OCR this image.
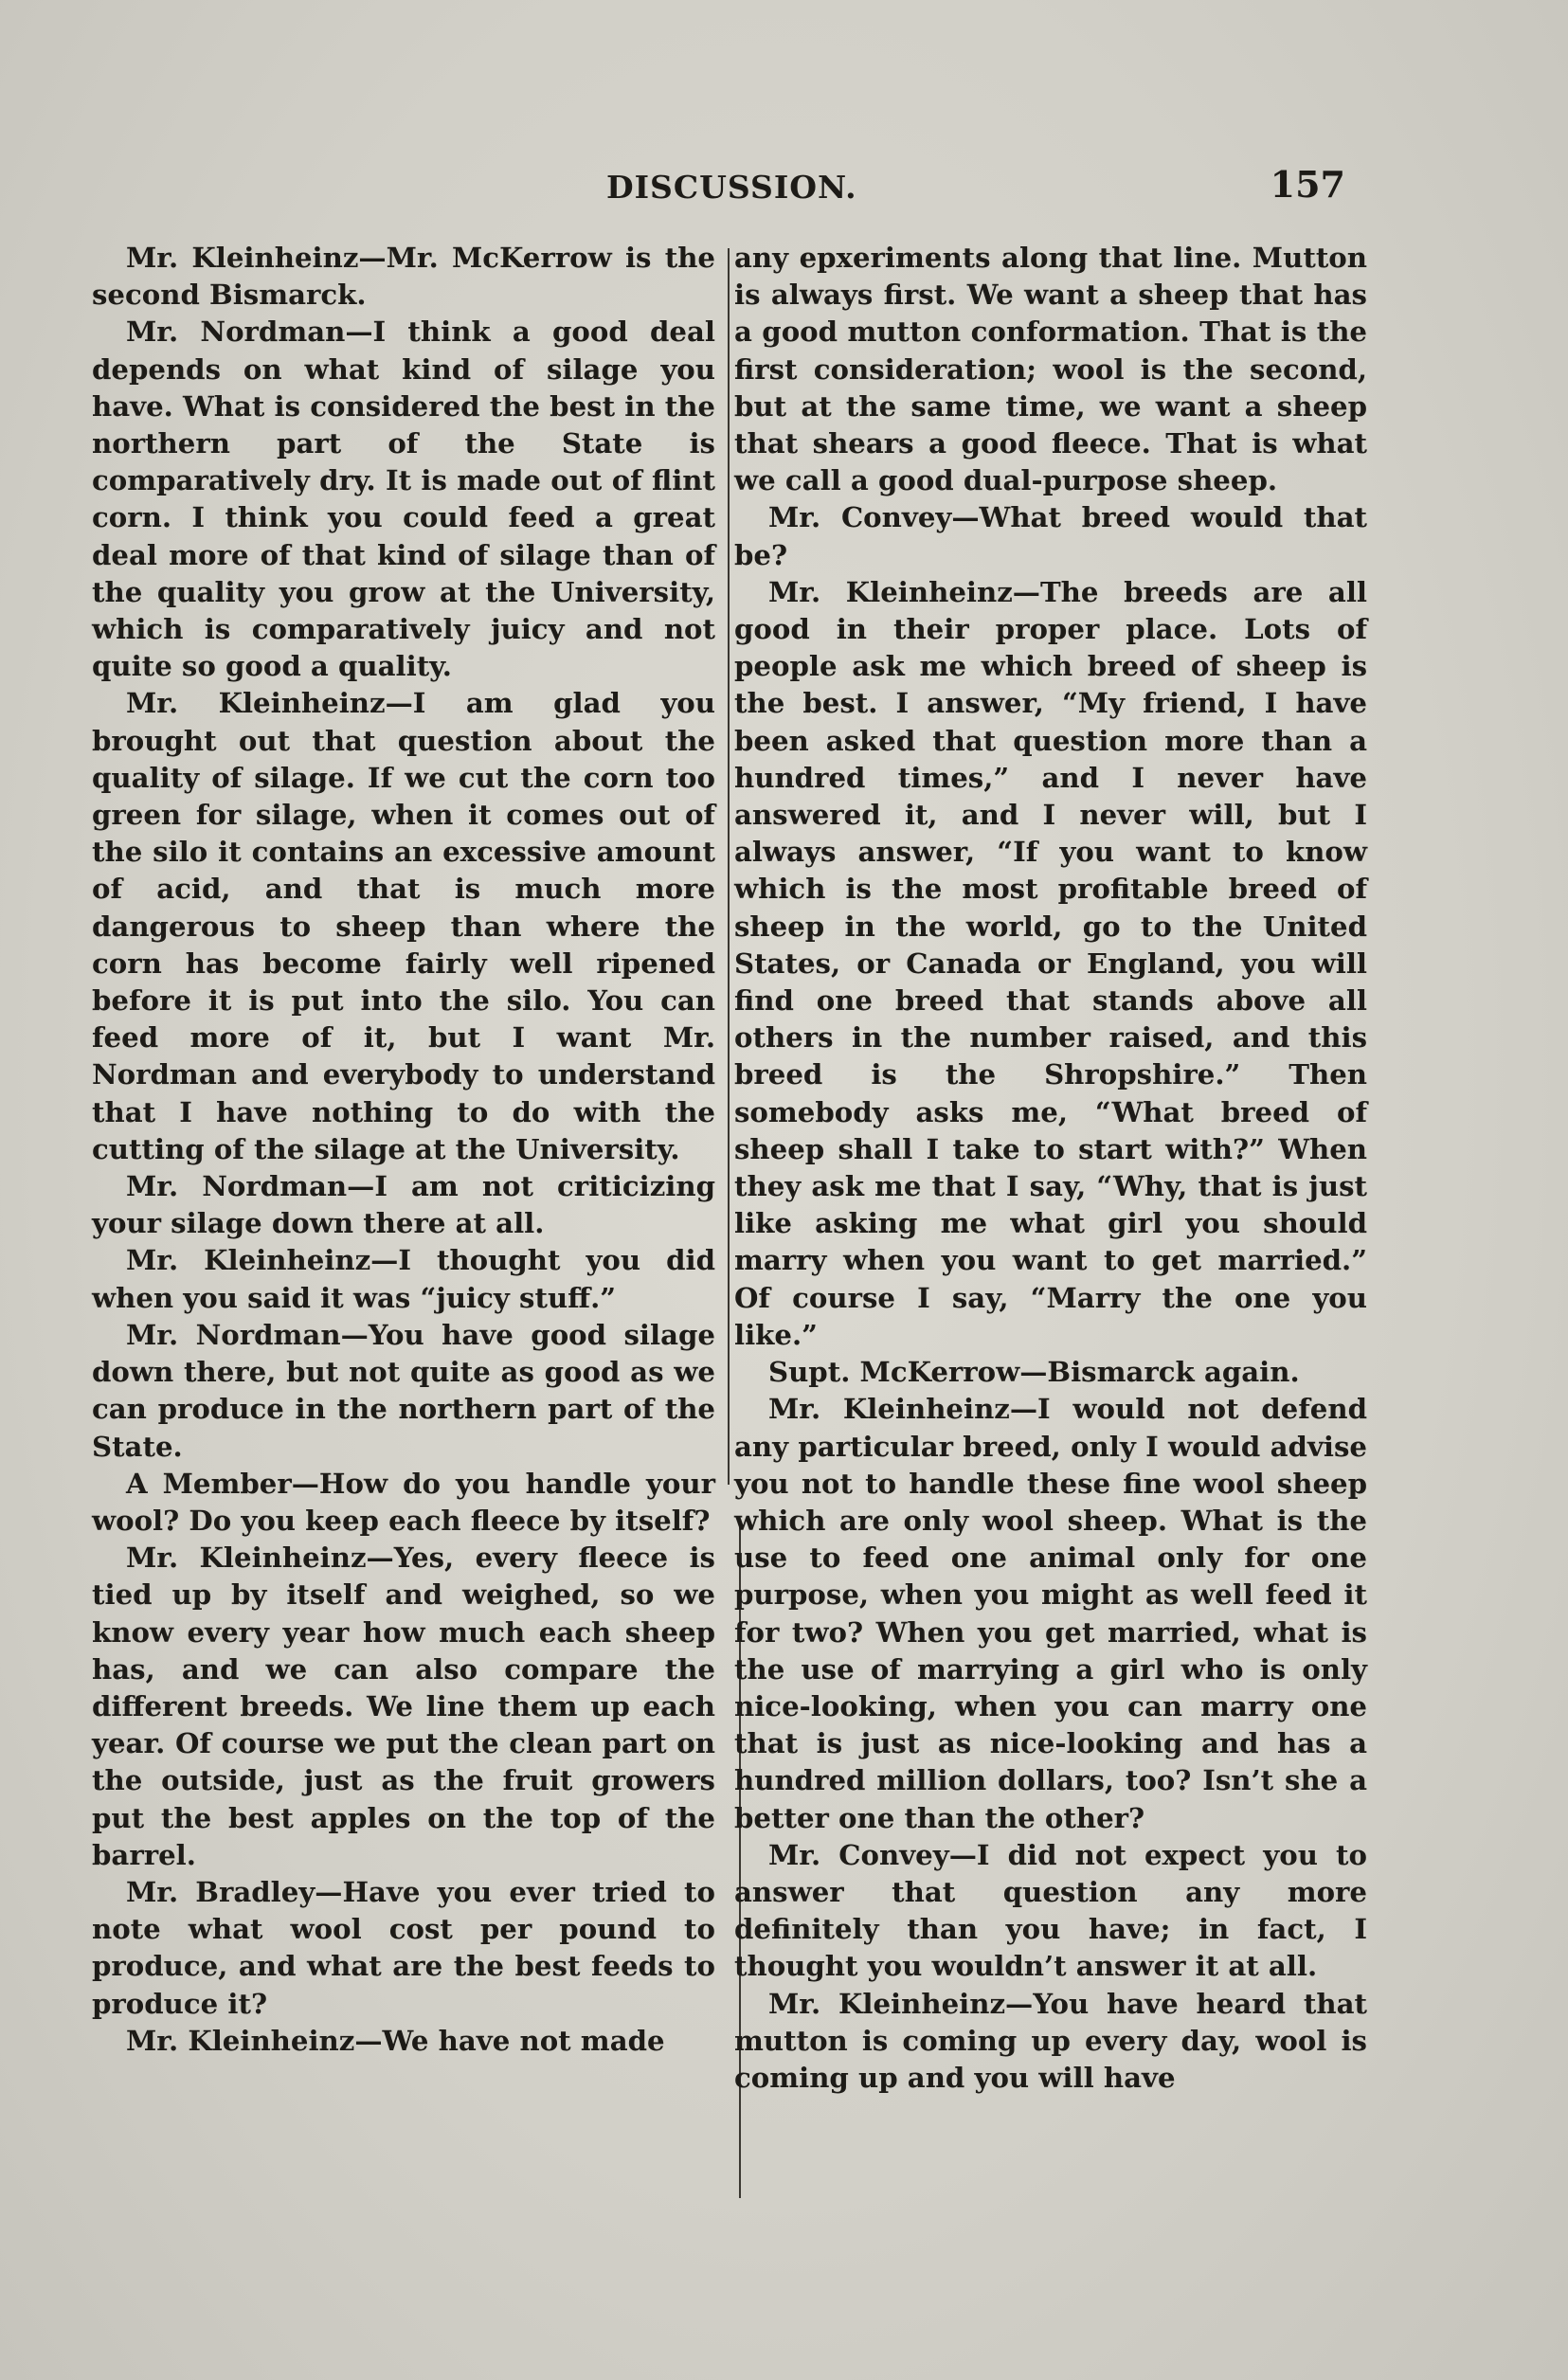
DISCUSSION.	157

Mr. Kleinheinz—Mr. McKerrow is the second Bismarck.

Mr. Nordman—I think a good deal depends on what kind of silage you have. What is considered the best in the northern part of the State is comparatively dry. It is made out of flint corn. I think you could feed a great deal more of that kind of silage than of the quality you grow at the University, which is comparatively juicy and not quite so good a quality.

Mr. Kleinheinz—I am glad you brought out that question about the quality of silage. If we cut the corn too green for silage, when it comes out of the silo it contains an excessive amount of acid, and that is much more dangerous to sheep than where the corn has become fairly well ripened before it is put into the silo. You can feed more of it, but I want Mr. Nordman and everybody to understand that I have nothing to do with the cutting of the silage at the University.

Mr. Nordman—I am not criticizing your silage down there at all.

Mr. Kleinheinz—I thought you did when you said it was “juicy stuff.”

Mr. Nordman—You have good silage down there, but not quite as good as we can produce in the northern part of the State.

A Member—How do you handle your wool? Do you keep each fleece by itself?

Mr. Kleinheinz—Yes, every fleece is tied up by itself and weighed, so we know every year how much each sheep has, and we can also compare the different breeds. We line them up each year. Of course we put the clean part on the outside, just as the fruit growers put the best apples on the top of the barrel.

Mr. Bradley—Have you ever tried to note what wool cost per pound to produce, and what are the best feeds to produce it?

Mr. Kleinheinz—We have not made

any epxeriments along that line. Mutton is always first. We want a sheep that has a good mutton conformation. That is the first consideration; wool is the second, but at the same time, we want a sheep that shears a good fleece. That is what we call a good dual-purpose sheep.

Mr. Convey—What breed would that be?

Mr. Kleinheinz—The breeds are all good in their proper place. Lots of people ask me which breed of sheep is the best. I answer, “My friend, I have been asked that question more than a hundred times,” and I never have answered it, and I never will, but I always answer, “If you want to know which is the most profitable breed of sheep in the world, go to the United States, or Canada or England, you will find one breed that stands above all others in the number raised, and this breed is the Shropshire.” Then somebody asks me, “What breed of sheep shall I take to start with?” When they ask me that I say, “Why, that is just like asking me what girl you should marry when you want to get married.” Of course I say, “Marry the one you like.”

Supt. McKerrow—Bismarck again.

Mr. Kleinheinz—I would not defend any particular breed, only I would advise you not to handle these fine wool sheep which are only wool sheep. What is the use to feed one animal only for one purpose, when you might as well feed it for two? When you get married, what is the use of marrying a girl who is only nice-looking, when you can marry one that is just as nice-looking and has a hundred million dollars, too? Isn’t she a better one than the other?

Mr. Convey—I did not expect you to answer that question any more definitely than you have; in fact, I thought you wouldn’t answer it at all.

Mr. Kleinheinz—You have heard that mutton is coming up every day, wool is coming up and you will have
